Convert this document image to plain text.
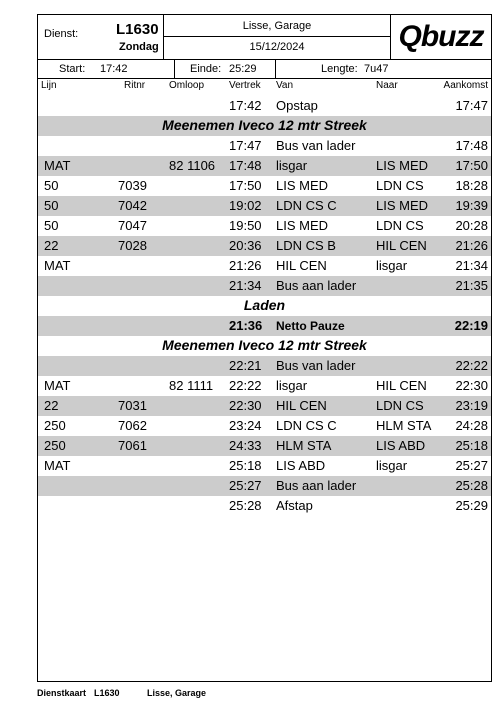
Dienst:	L1630
Zondag
Lisse, Garage
15/12/2024	Qbuzz
Start: 17:42	Einde: 25:29	Lengte: 7u47
Lijn	Ritnr Omloop Vertrek Van	Naar	Aankomst
17:42 Opstap	17:47
Meenemen Iveco 12 mtr Streek
17:47 Bus van lader	17:48
MAT	82 1106 17:48 lisgar	LIS MED 17:50
50	7039	17:50 LIS MED	LDN CS 18:28
50	7042	19:02 LDN CS C	LIS MED 19:39
50	7047	19:50 LIS MED	LDN CS 20:28
22	7028	20:36 LDN CS B	HIL CEN 21:26
MAT	21:26 HIL CEN	lisgar	21:34
21:34 Bus aan lader	21:35
Laden
21:36 Netto Pauze	22:19
Meenemen Iveco 12 mtr Streek
22:21 Bus van lader	22:22
MAT	82 1111 22:22 lisgar	HIL CEN 22:30
22	7031	22:30 HIL CEN	LDN CS 23:19
250	7062	23:24 LDN CS C	HLM STA 24:28
250	7061	24:33 HLM STA	LIS ABD 25:18
MAT	25:18 LIS ABD	lisgar	25:27
25:27 Bus aan lader	25:28
25:28 Afstap	25:29
Dienstkaart L1630	Lisse, Garage
